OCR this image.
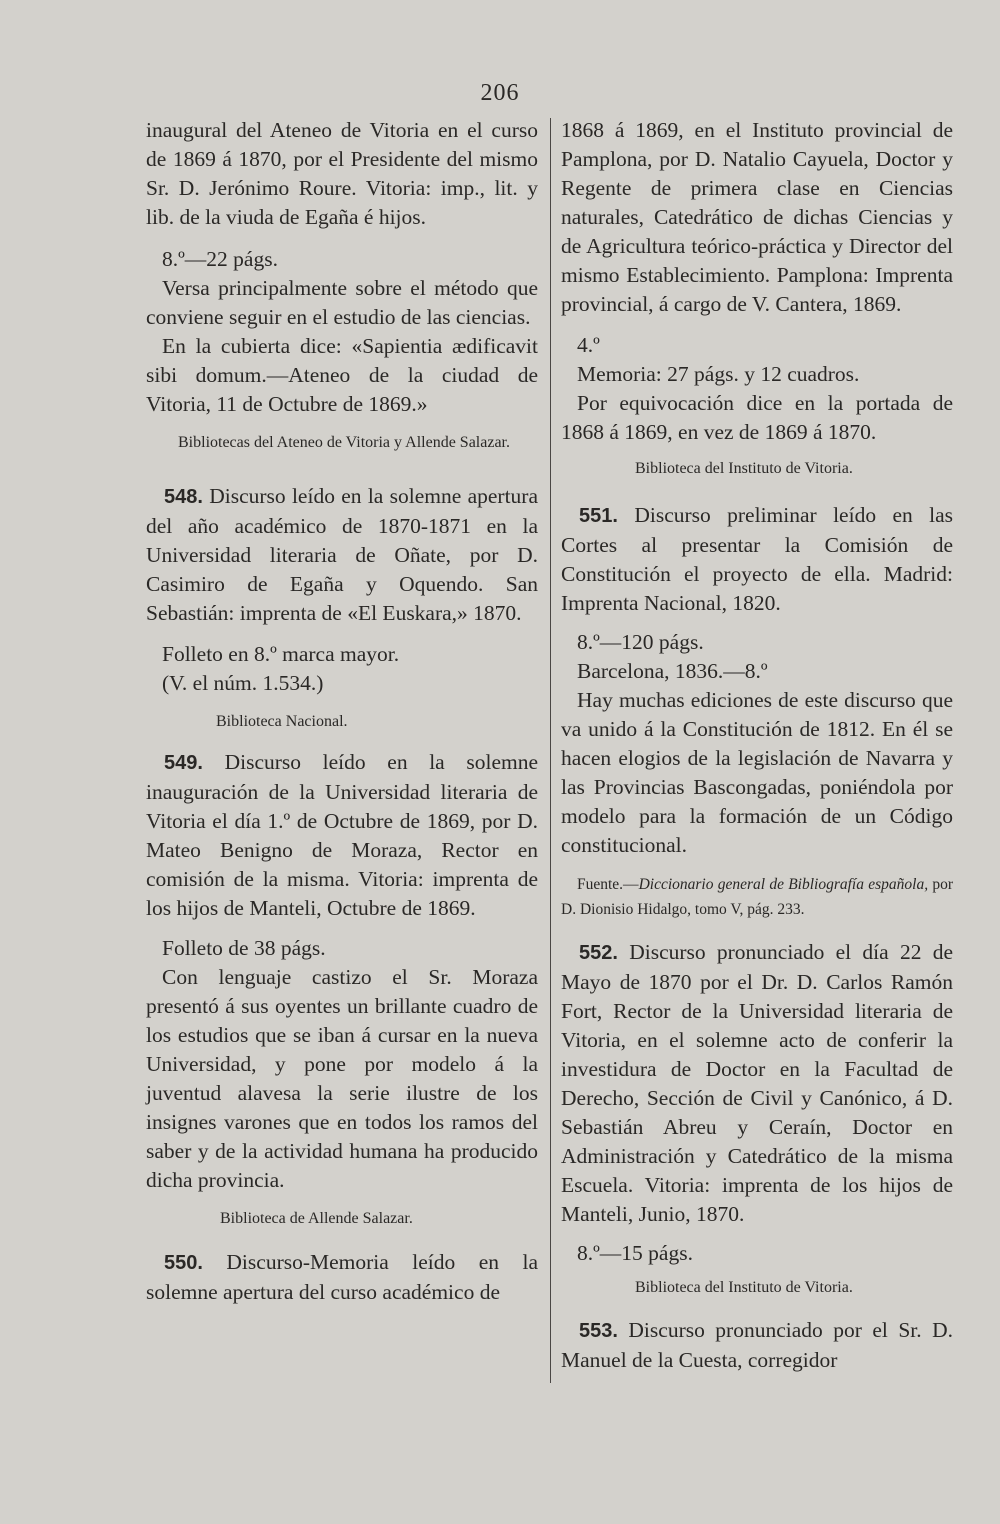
206

inaugural del Ateneo de Vitoria en el curso de 1869 á 1870, por el Presidente del mismo Sr. D. Jerónimo Roure. Vitoria: imp., lit. y lib. de la viuda de Egaña é hijos.

8.º—22 págs.

Versa principalmente sobre el método que conviene seguir en el estudio de las ciencias.

En la cubierta dice: «Sapientia ædificavit sibi domum.—Ateneo de la ciudad de Vitoria, 11 de Octubre de 1869.»

Bibliotecas del Ateneo de Vitoria y Allende Salazar.

548. Discurso leído en la solemne apertura del año académico de 1870-1871 en la Universidad literaria de Oñate, por D. Casimiro de Egaña y Oquendo. San Sebastián: imprenta de «El Euskara,» 1870.

Folleto en 8.º marca mayor.

(V. el núm. 1.534.)

Biblioteca Nacional.

549. Discurso leído en la solemne inauguración de la Universidad literaria de Vitoria el día 1.º de Octubre de 1869, por D. Mateo Benigno de Moraza, Rector en comisión de la misma. Vitoria: imprenta de los hijos de Manteli, Octubre de 1869.

Folleto de 38 págs.

Con lenguaje castizo el Sr. Moraza presentó á sus oyentes un brillante cuadro de los estudios que se iban á cursar en la nueva Universidad, y pone por modelo á la juventud alavesa la serie ilustre de los insignes varones que en todos los ramos del saber y de la actividad humana ha producido dicha provincia.

Biblioteca de Allende Salazar.

550. Discurso-Memoria leído en la solemne apertura del curso académico de

1868 á 1869, en el Instituto provincial de Pamplona, por D. Natalio Cayuela, Doctor y Regente de primera clase en Ciencias naturales, Catedrático de dichas Ciencias y de Agricultura teórico-práctica y Director del mismo Establecimiento. Pamplona: Imprenta provincial, á cargo de V. Cantera, 1869.

4.º

Memoria: 27 págs. y 12 cuadros.

Por equivocación dice en la portada de 1868 á 1869, en vez de 1869 á 1870.

Biblioteca del Instituto de Vitoria.

551. Discurso preliminar leído en las Cortes al presentar la Comisión de Constitución el proyecto de ella. Madrid: Imprenta Nacional, 1820.

8.º—120 págs.

Barcelona, 1836.—8.º

Hay muchas ediciones de este discurso que va unido á la Constitución de 1812. En él se hacen elogios de la legislación de Navarra y las Provincias Bascongadas, poniéndola por modelo para la formación de un Código constitucional.

Fuente.—Diccionario general de Bibliografía española, por D. Dionisio Hidalgo, tomo V, pág. 233.

552. Discurso pronunciado el día 22 de Mayo de 1870 por el Dr. D. Carlos Ramón Fort, Rector de la Universidad literaria de Vitoria, en el solemne acto de conferir la investidura de Doctor en la Facultad de Derecho, Sección de Civil y Canónico, á D. Sebastián Abreu y Ceraín, Doctor en Administración y Catedrático de la misma Escuela. Vitoria: imprenta de los hijos de Manteli, Junio, 1870.

8.º—15 págs.

Biblioteca del Instituto de Vitoria.

553. Discurso pronunciado por el Sr. D. Manuel de la Cuesta, corregidor
